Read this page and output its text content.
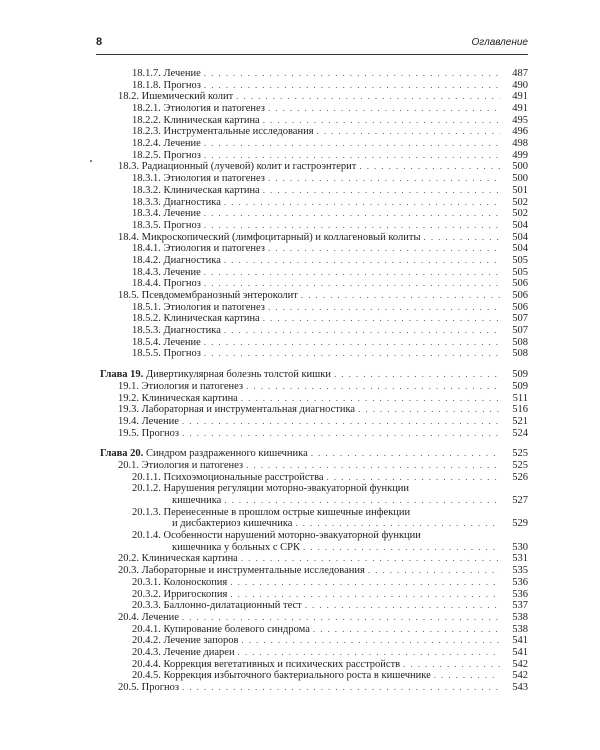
8	Оглавление
18.1.7. Лечение . . .	487
18.1.8. Прогноз . . .	490
18.2. Ишемический колит . . .	491
18.2.1. Этиология и патогенез . . .	491
18.2.2. Клиническая картина . . .	495
18.2.3. Инструментальные исследования . . .	496
18.2.4. Лечение . . .	498
18.2.5. Прогноз . . .	499
18.3. Радиационный (лучевой) колит и гастроэнтерит . . .	500
18.3.1. Этиология и патогенез . . .	500
18.3.2. Клиническая картина . . .	501
18.3.3. Диагностика . . .	502
18.3.4. Лечение . . .	502
18.3.5. Прогноз . . .	504
18.4. Микроскопический (лимфоцитарный) и коллагеновый колиты . . .	504
18.4.1. Этиология и патогенез . . .	504
18.4.2. Диагностика . . .	505
18.4.3. Лечение . . .	505
18.4.4. Прогноз . . .	506
18.5. Псевдомембранозный энтероколит . . .	506
18.5.1. Этиология и патогенез . . .	506
18.5.2. Клиническая картина . . .	507
18.5.3. Диагностика . . .	507
18.5.4. Лечение . . .	508
18.5.5. Прогноз . . .	508
Глава 19. Дивертикулярная болезнь толстой кишки . . .	509
19.1. Этиология и патогенез . . .	509
19.2. Клиническая картина . . .	511
19.3. Лабораторная и инструментальная диагностика . . .	516
19.4. Лечение . . .	521
19.5. Прогноз . . .	524
Глава 20. Синдром раздраженного кишечника . . .	525
20.1. Этиология и патогенез . . .	525
20.1.1. Психоэмоциональные расстройства . . .	526
20.1.2. Нарушения регуляции моторно-эвакуаторной функции
кишечника . . .	527
20.1.3. Перенесенные в прошлом острые кишечные инфекции
и дисбактериоз кишечника . . .	529
20.1.4. Особенности нарушений моторно-эвакуаторной функции
кишечника у больных с СРК . . .	530
20.2. Клиническая картина . . .	531
20.3. Лабораторные и инструментальные исследования . . .	535
20.3.1. Колоноскопия . . .	536
20.3.2. Ирригоскопия . . .	536
20.3.3. Баллонно-дилатационный тест . . .	537
20.4. Лечение . . .	538
20.4.1. Купирование болевого синдрома . . .	538
20.4.2. Лечение запоров . . .	541
20.4.3. Лечение диареи . . .	541
20.4.4. Коррекция вегетативных и психических расстройств . . .	542
20.4.5. Коррекция избыточного бактериального роста в кишечнике . . .	542
20.5. Прогноз . . .	543
